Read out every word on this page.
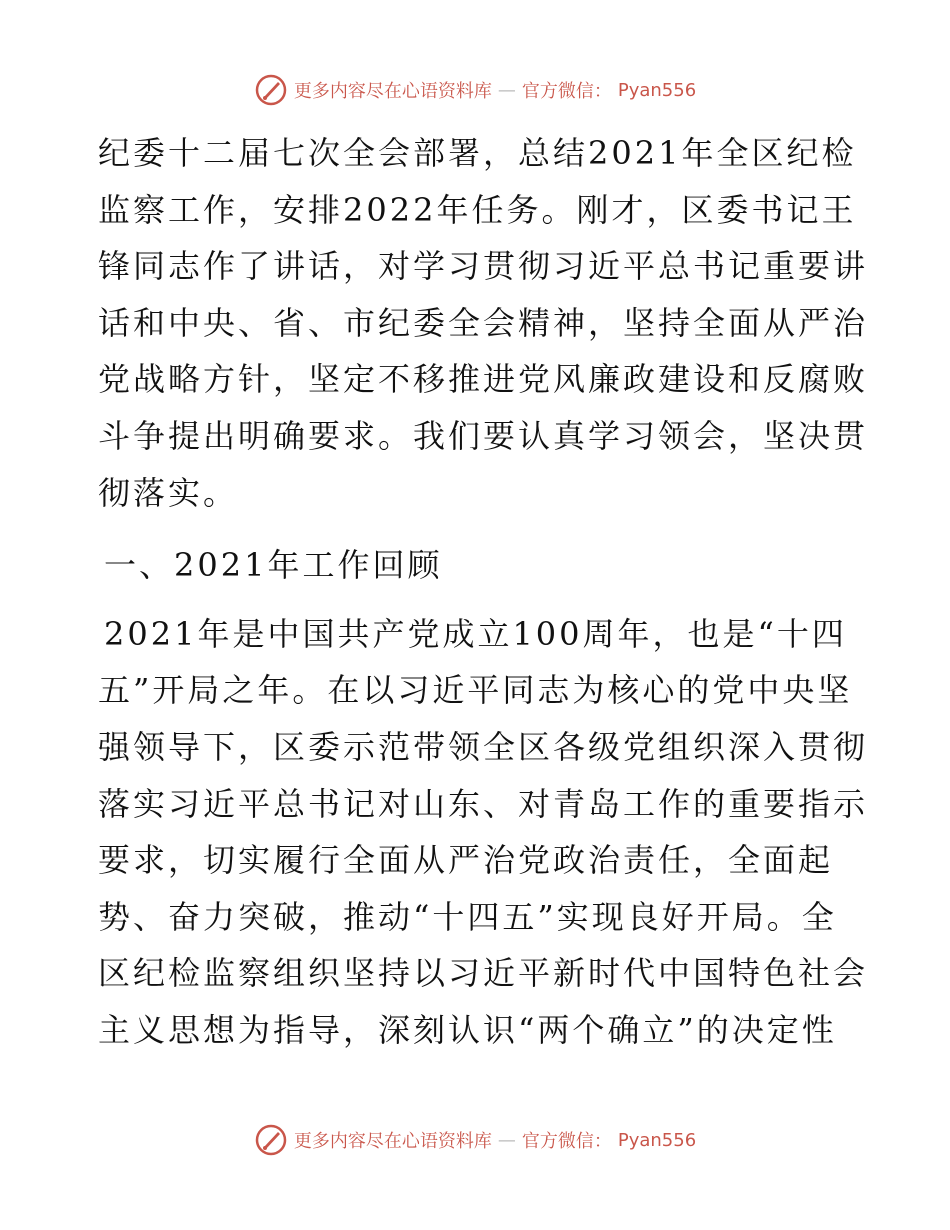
更多内容尽在心语资料库 — 官方微信： Pyan556
纪委十二届七次全会部署，总结2021年全区纪检
监察工作，安排2022年任务。刚才，区委书记王
锋同志作了讲话，对学习贯彻习近平总书记重要讲
话和中央、省、市纪委全会精神，坚持全面从严治
党战略方针，坚定不移推进党风廉政建设和反腐败
斗争提出明确要求。我们要认真学习领会，坚决贯
彻落实。
一、2021年工作回顾
2021年是中国共产党成立100周年，也是“十四
五”开局之年。在以习近平同志为核心的党中央坚
强领导下，区委示范带领全区各级党组织深入贯彻
落实习近平总书记对山东、对青岛工作的重要指示
要求，切实履行全面从严治党政治责任，全面起
势、奋力突破，推动“十四五”实现良好开局。全
区纪检监察组织坚持以习近平新时代中国特色社会
主义思想为指导，深刻认识“两个确立”的决定性
更多内容尽在心语资料库 — 官方微信： Pyan556
